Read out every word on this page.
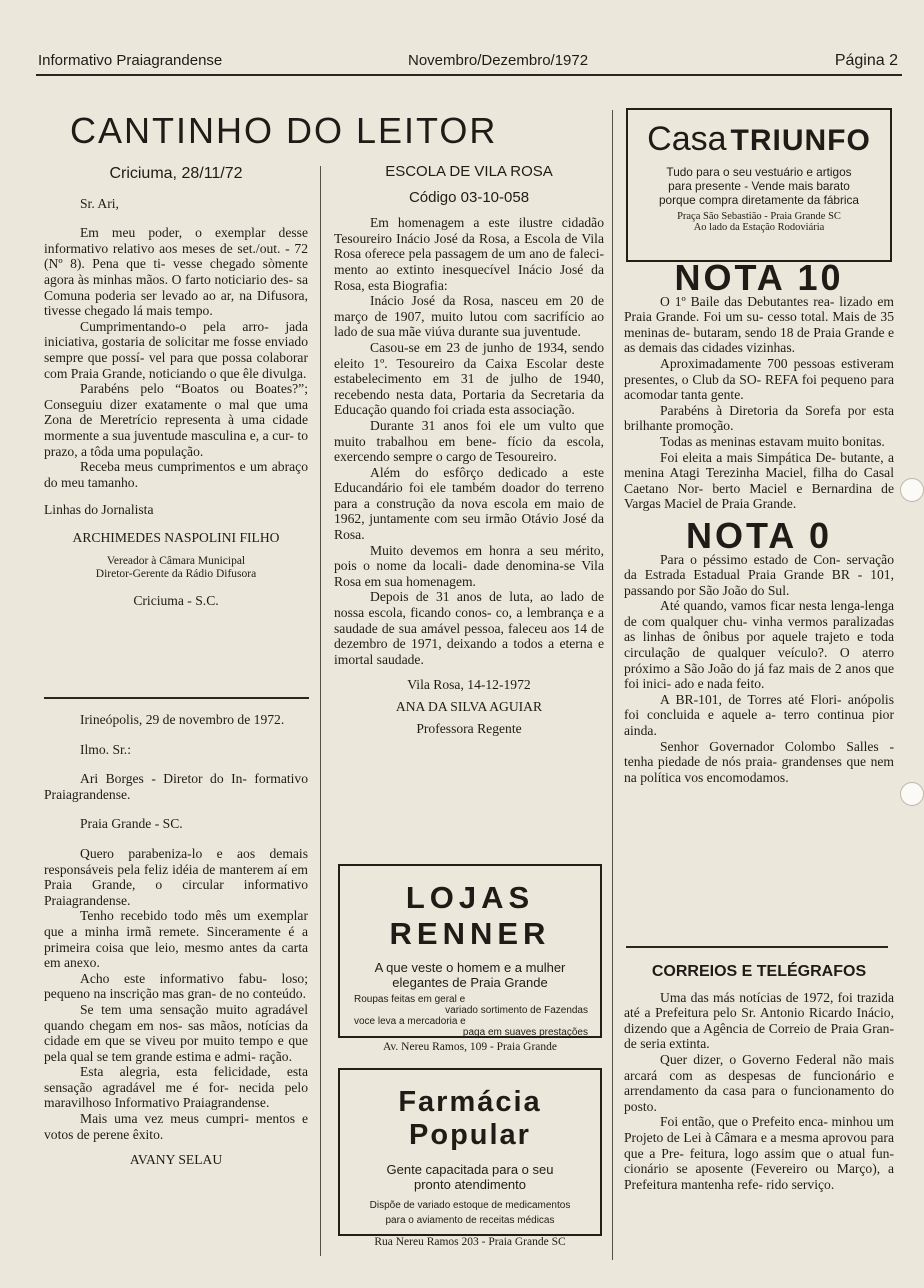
Informativo Praiagrandense	Novembro/Dezembro/1972	Página 2
CANTINHO DO LEITOR
Criciuma, 28/11/72

Sr. Ari,

Em meu poder, o exemplar desse informativo relativo aos meses de set./out. - 72 (Nº 8). Pena que ti- vesse chegado sòmente agora às minhas mãos. O farto noticiario des- sa Comuna poderia ser levado ao ar, na Difusora, tivesse chegado lá mais tempo.

Cumprimentando-o pela arro- jada iniciativa, gostaria de solicitar me fosse enviado sempre que possí- vel para que possa colaborar com Praia Grande, noticiando o que êle divulga.

Parabéns pelo “Boatos ou Boates?”; Conseguiu dizer exatamente o mal que uma Zona de Meretrício representa à uma cidade mormente a sua juventude masculina e, a cur- to prazo, a tôda uma população.

Receba meus cumprimentos e um abraço do meu tamanho.

Linhas do Jornalista
ARCHIMEDES NASPOLINI FILHO
Vereador à Câmara Municipal
Diretor-Gerente da Rádio Difusora
Criciuma - S.C.

Irineópolis, 29 de novembro de 1972.

Ilmo. Sr.:

Ari Borges - Diretor do In- formativo Praiagrandense.

Praia Grande - SC.

Quero parabeniza-lo e aos demais responsáveis pela feliz idéia de manterem aí em Praia Grande, o circular informativo Praiagrandense.

Tenho recebido todo mês um exemplar que a minha irmã remete. Sinceramente é a primeira coisa que leio, mesmo antes da carta em anexo.

Acho este informativo fabu- loso; pequeno na inscrição mas gran- de no conteúdo.

Se tem uma sensação muito agradável quando chegam em nos- sas mãos, notícias da cidade em que se viveu por muito tempo e que pela qual se tem grande estima e admi- ração.

Esta alegria, esta felicidade, esta sensação agradável me é for- necida pelo maravilhoso Informativo Praiagrandense.

Mais uma vez meus cumpri- mentos e votos de perene êxito.

AVANY SELAU
ESCOLA DE VILA ROSA
Código 03-10-058

Em homenagem a este ilustre cidadão Tesoureiro Inácio José da Rosa, a Escola de Vila Rosa oferece pela passagem de um ano de faleci- mento ao extinto inesquecível Inácio José da Rosa, esta Biografia:

Inácio José da Rosa, nasceu em 20 de março de 1907, muito lutou com sacrifício ao lado de sua mãe viúva durante sua juventude.

Casou-se em 23 de junho de 1934, sendo eleito 1º. Tesoureiro da Caixa Escolar deste estabelecimento em 31 de julho de 1940, recebendo nesta data, Portaria da Secretaria da Educação quando foi criada esta associação.

Durante 31 anos foi ele um vulto que muito trabalhou em bene- fício da escola, exercendo sempre o cargo de Tesoureiro.

Além do esfôrço dedicado a este Educandário foi ele também doador do terreno para a construção da nova escola em maio de 1962, juntamente com seu irmão Otávio José da Rosa.

Muito devemos em honra a seu mérito, pois o nome da locali- dade denomina-se Vila Rosa em sua homenagem.

Depois de 31 anos de luta, ao lado de nossa escola, ficando conos- co, a lembrança e a saudade de sua amável pessoa, faleceu aos 14 de dezembro de 1971, deixando a todos a eterna e imortal saudade.

Vila Rosa, 14-12-1972
ANA DA SILVA AGUIAR
Professora Regente
LOJAS RENNER
A que veste o homem e a mulher
elegantes de Praia Grande
Roupas feitas em geral e
variado sortimento de Fazendas
voce leva a mercadoria e
paga em suaves prestações
Av. Nereu Ramos, 109 - Praia Grande
Farmácia Popular
Gente capacitada para o seu
pronto atendimento
Dispõe de variado estoque de medicamentos
para o aviamento de receitas médicas
Rua Nereu Ramos 203 - Praia Grande SC
Casa TRIUNFO
Tudo para o seu vestuário e artigos
para presente - Vende mais barato
porque compra diretamente da fábrica
Praça São Sebastião - Praia Grande SC
Ao lado da Estação Rodoviária
NOTA 10

O 1º Baile das Debutantes rea- lizado em Praia Grande. Foi um su- cesso total. Mais de 35 meninas de- butaram, sendo 18 de Praia Grande e as demais das cidades vizinhas.

Aproximadamente 700 pessoas estiveram presentes, o Club da SO- REFA foi pequeno para acomodar tanta gente.

Parabéns à Diretoria da Sorefa por esta brilhante promoção.

Todas as meninas estavam muito bonitas.

Foi eleita a mais Simpática De- butante, a menina Atagi Terezinha Maciel, filha do Casal Caetano Nor- berto Maciel e Bernardina de Vargas Maciel de Praia Grande.

NOTA 0

Para o péssimo estado de Con- servação da Estrada Estadual Praia Grande BR - 101, passando por São João do Sul.

Até quando, vamos ficar nesta lenga-lenga de com qualquer chu- vinha vermos paralizadas as linhas de ônibus por aquele trajeto e toda circulação de qualquer veículo?. O aterro próximo a São João do já faz mais de 2 anos que foi inici- ado e nada feito.

A BR-101, de Torres até Flori- anópolis foi concluida e aquele a- terro continua pior ainda.

Senhor Governador Colombo Salles - tenha piedade de nós praia- grandenses que nem na política vos encomodamos.

CORREIOS E TELÉGRAFOS

Uma das más notícias de 1972, foi trazida até a Prefeitura pelo Sr. Antonio Ricardo Inácio, dizendo que a Agência de Correio de Praia Gran- de seria extinta.

Quer dizer, o Governo Federal não mais arcará com as despesas de funcionário e arrendamento da casa para o funcionamento do posto.

Foi então, que o Prefeito enca- minhou um Projeto de Lei à Câmara e a mesma aprovou para que a Pre- feitura, logo assim que o atual fun- cionário se aposente (Fevereiro ou Março), a Prefeitura mantenha refe- rido serviço.
